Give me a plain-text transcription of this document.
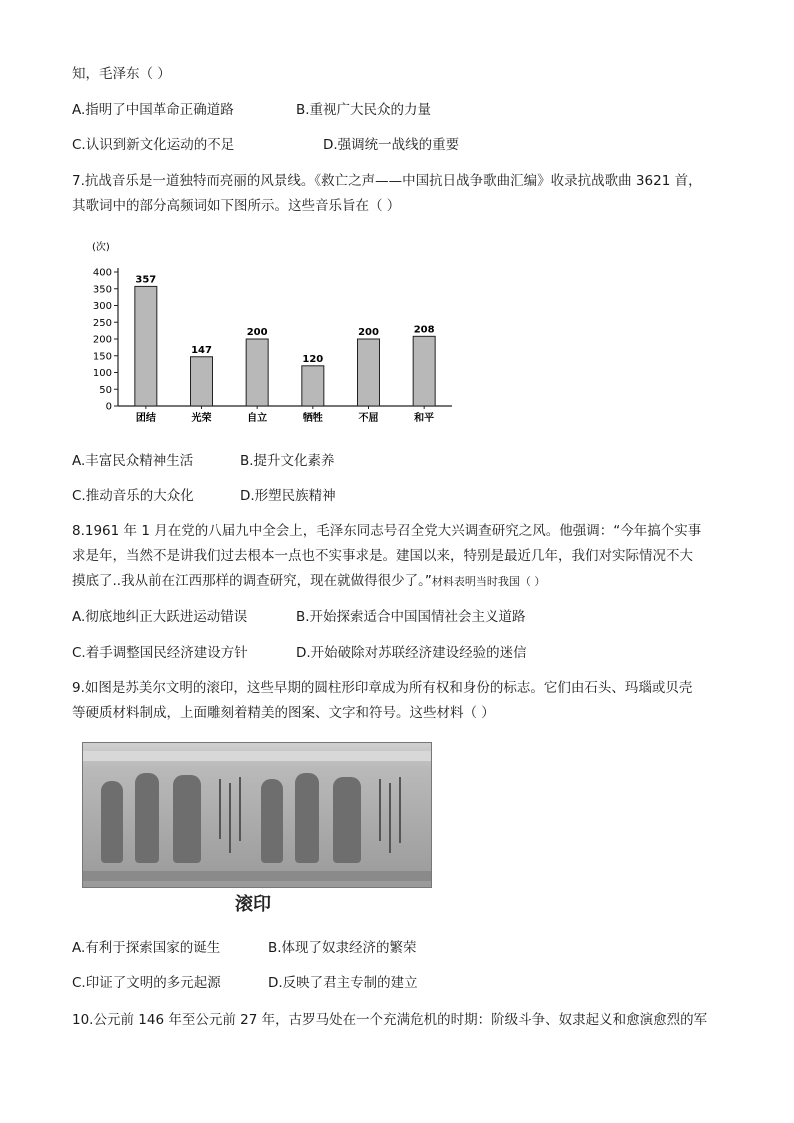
知，毛泽东（ ）
A.指明了中国革命正确道路	B.重视广大民众的力量
C.认识到新文化运动的不足	D.强调统一战线的重要
7.抗战音乐是一道独特而亮丽的风景线。《救亡之声——中国抗日战争歌曲汇编》收录抗战歌曲 3621 首，
其歌词中的部分高频词如下图所示。这些音乐旨在（ ）
(次)
400
350
300
250
200
150
100
50
0
357
147
200
120
200	208
团结	光荣	自立	牺牲	不屈	和平
A.丰富民众精神生活	B.提升文化素养
C.推动音乐的大众化	D.形塑民族精神
8.1961 年 1 月在党的八届九中全会上，毛泽东同志号召全党大兴调查研究之风。他强调：“今年搞个实事
求是年，当然不是讲我们过去根本一点也不实事求是。建国以来，特别是最近几年，我们对实际情况不大
摸底了..我从前在江西那样的调查研究，现在就做得很少了。”材料表明当时我国（ ）
A.彻底地纠正大跃进运动错误	B.开始探索适合中国国情社会主义道路
C.着手调整国民经济建设方针	D.开始破除对苏联经济建设经验的迷信
9.如图是苏美尔文明的滚印，这些早期的圆柱形印章成为所有权和身份的标志。它们由石头、玛瑙或贝壳
等硬质材料制成，上面雕刻着精美的图案、文字和符号。这些材料（ ）
滚印
A.有利于探索国家的诞生	B.体现了奴隶经济的繁荣
C.印证了文明的多元起源	D.反映了君主专制的建立
10.公元前 146 年至公元前 27 年，古罗马处在一个充满危机的时期：阶级斗争、奴隶起义和愈演愈烈的军
